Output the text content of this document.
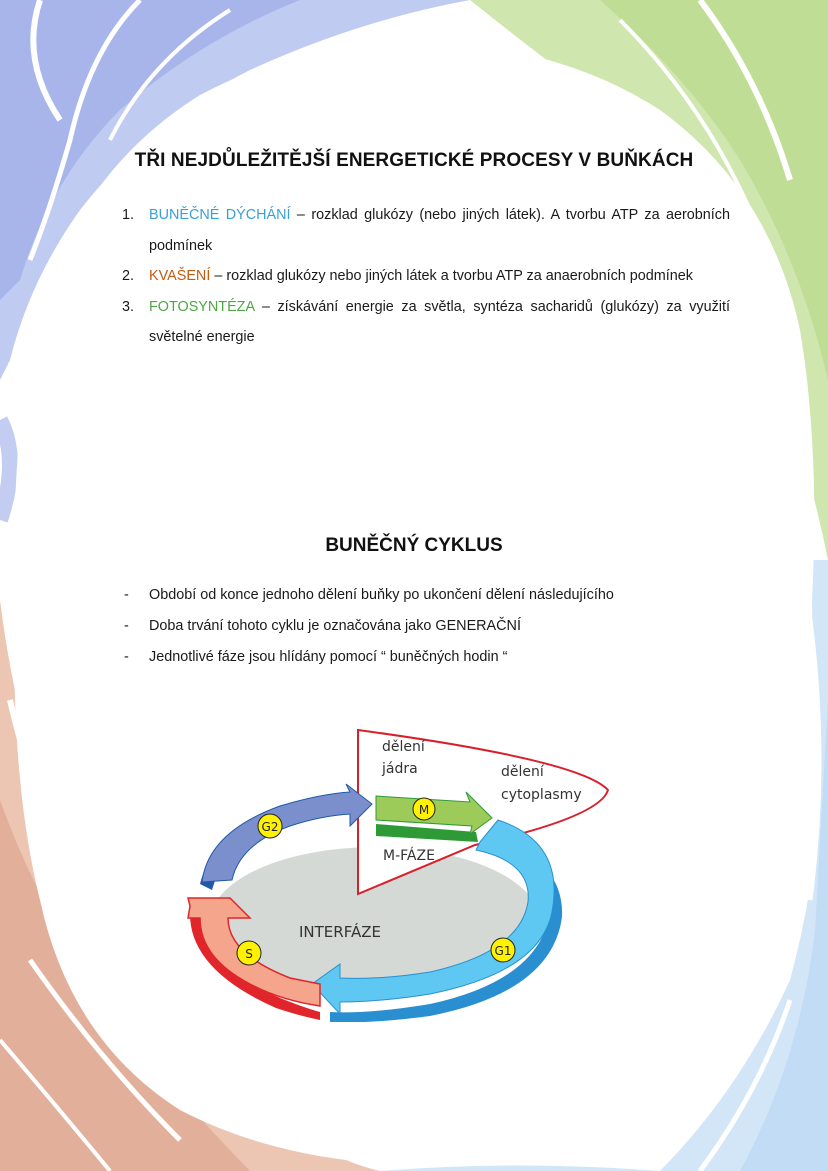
TŘI NEJDŮLEŽITĚJŠÍ ENERGETICKÉ PROCESY V BUŇKÁCH
1. BUNĚČNÉ DÝCHÁNÍ – rozklad glukózy (nebo jiných látek). A tvorbu ATP za aerobních podmínek
2. KVAŠENÍ – rozklad glukózy nebo jiných látek a tvorbu ATP za anaerobních podmínek
3. FOTOSYNTÉZA – získávání energie za světla, syntéza sacharidů (glukózy) za využití světelné energie
BUNĚČNÝ CYKLUS
- Období od konce jednoho dělení buňky po ukončení dělení následujícího
- Doba trvání tohoto cyklu je označována jako GENERAČNÍ
- Jednotlivé fáze jsou hlídány pomocí “ buněčných hodin “
dělení
jádra	dělení
cytoplasmy
M-FÁZE
INTERFÁZE
M
G2
S	G1
